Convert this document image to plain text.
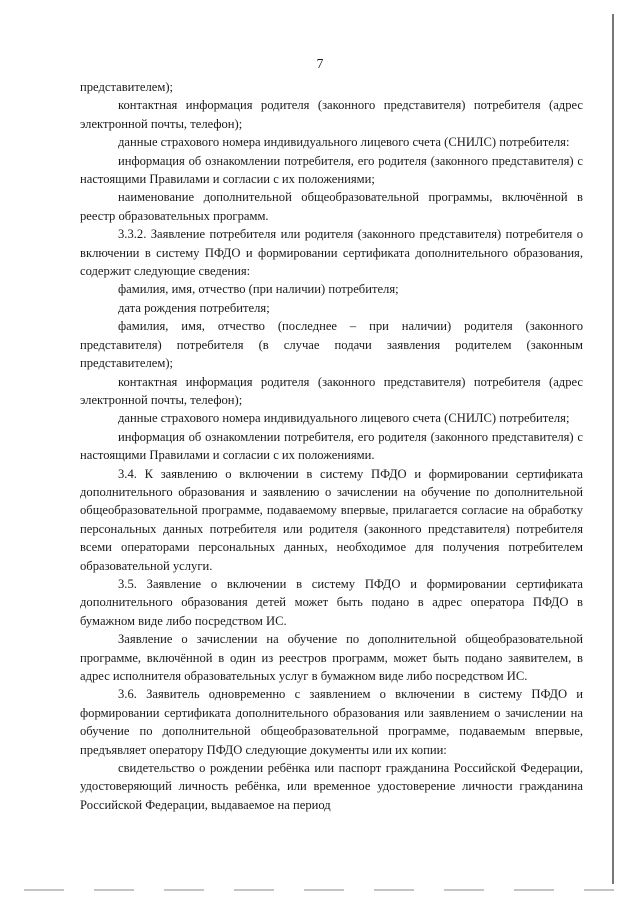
7

представителем);

контактная информация родителя (законного представителя) потребителя (адрес электронной почты, телефон);

данные страхового номера индивидуального лицевого счета (СНИЛС) потребителя:

информация об ознакомлении потребителя, его родителя (законного представителя) с настоящими Правилами и согласии с их положениями;

наименование дополнительной общеобразовательной программы, включённой в реестр образовательных программ.

3.3.2. Заявление потребителя или родителя (законного представителя) потребителя о включении в систему ПФДО и формировании сертификата дополнительного образования, содержит следующие сведения:

фамилия, имя, отчество (при наличии) потребителя;

дата рождения потребителя;

фамилия, имя, отчество (последнее – при наличии) родителя (законного представителя) потребителя (в случае подачи заявления родителем (законным представителем);

контактная информация родителя (законного представителя) потребителя (адрес электронной почты, телефон);

данные страхового номера индивидуального лицевого счета (СНИЛС) потребителя;

информация об ознакомлении потребителя, его родителя (законного представителя) с настоящими Правилами и согласии с их положениями.

3.4. К заявлению о включении в систему ПФДО и формировании сертификата дополнительного образования и заявлению о зачислении на обучение по дополнительной общеобразовательной программе, подаваемому впервые, прилагается согласие на обработку персональных данных потребителя или родителя (законного представителя) потребителя всеми операторами персональных данных, необходимое для получения потребителем образовательной услуги.

3.5. Заявление о включении в систему ПФДО и формировании сертификата дополнительного образования детей может быть подано в адрес оператора ПФДО в бумажном виде либо посредством ИС.

Заявление о зачислении на обучение по дополнительной общеобразовательной программе, включённой в один из реестров программ, может быть подано заявителем, в адрес исполнителя образовательных услуг в бумажном виде либо посредством ИС.

3.6. Заявитель одновременно с заявлением о включении в систему ПФДО и формировании сертификата дополнительного образования или заявлением о зачислении на обучение по дополнительной общеобразовательной программе, подаваемым впервые, предъявляет оператору ПФДО следующие документы или их копии:

свидетельство о рождении ребёнка или паспорт гражданина Российской Федерации, удостоверяющий личность ребёнка, или временное удостоверение личности гражданина Российской Федерации, выдаваемое на период
